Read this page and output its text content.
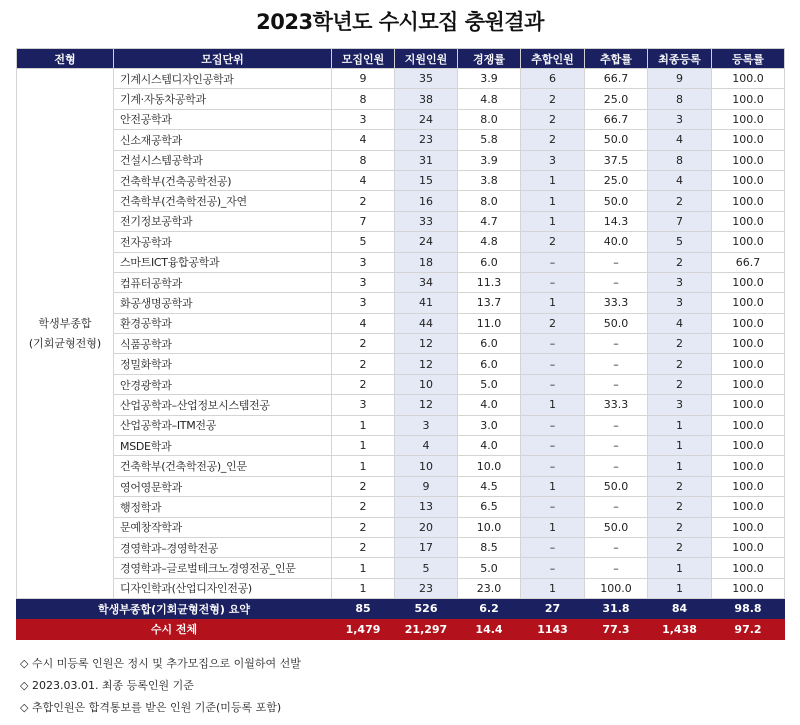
2023학년도 수시모집 충원결과
전형	모집단위	모집인원	지원인원	경쟁률	추합인원	추합률	최종등록	등록률

학생부종합
(기회균형전형)	기계시스템디자인공학과	9	35	3.9	6	66.7	9	100.0
	기계·자동차공학과	8	38	4.8	2	25.0	8	100.0
	안전공학과	3	24	8.0	2	66.7	3	100.0
	신소재공학과	4	23	5.8	2	50.0	4	100.0
	건설시스템공학과	8	31	3.9	3	37.5	8	100.0
	건축학부(건축공학전공)	4	15	3.8	1	25.0	4	100.0
	건축학부(건축학전공)_자연	2	16	8.0	1	50.0	2	100.0
	전기정보공학과	7	33	4.7	1	14.3	7	100.0
	전자공학과	5	24	4.8	2	40.0	5	100.0
	스마트ICT융합공학과	3	18	6.0	–	–	2	66.7
	컴퓨터공학과	3	34	11.3	–	–	3	100.0
	화공생명공학과	3	41	13.7	1	33.3	3	100.0
	환경공학과	4	44	11.0	2	50.0	4	100.0
	식품공학과	2	12	6.0	–	–	2	100.0
	정밀화학과	2	12	6.0	–	–	2	100.0
	안경광학과	2	10	5.0	–	–	2	100.0
	산업공학과–산업정보시스템전공	3	12	4.0	1	33.3	3	100.0
	산업공학과–ITM전공	1	3	3.0	–	–	1	100.0
	MSDE학과	1	4	4.0	–	–	1	100.0
	건축학부(건축학전공)_인문	1	10	10.0	–	–	1	100.0
	영어영문학과	2	9	4.5	1	50.0	2	100.0
	행정학과	2	13	6.5	–	–	2	100.0
	문예창작학과	2	20	10.0	1	50.0	2	100.0
	경영학과–경영학전공	2	17	8.5	–	–	2	100.0
	경영학과–글로벌테크노경영전공_인문	1	5	5.0	–	–	1	100.0
	디자인학과(산업디자인전공)	1	23	23.0	1	100.0	1	100.0
학생부종합(기회균형전형) 요약		85	526	6.2	27	31.8	84	98.8
수시 전체		1,479	21,297	14.4	1143	77.3	1,438	97.2
◇ 수시 미등록 인원은 정시 및 추가모집으로 이월하여 선발
◇ 2023.03.01. 최종 등록인원 기준
◇ 추합인원은 합격통보를 받은 인원 기준(미등록 포함)
